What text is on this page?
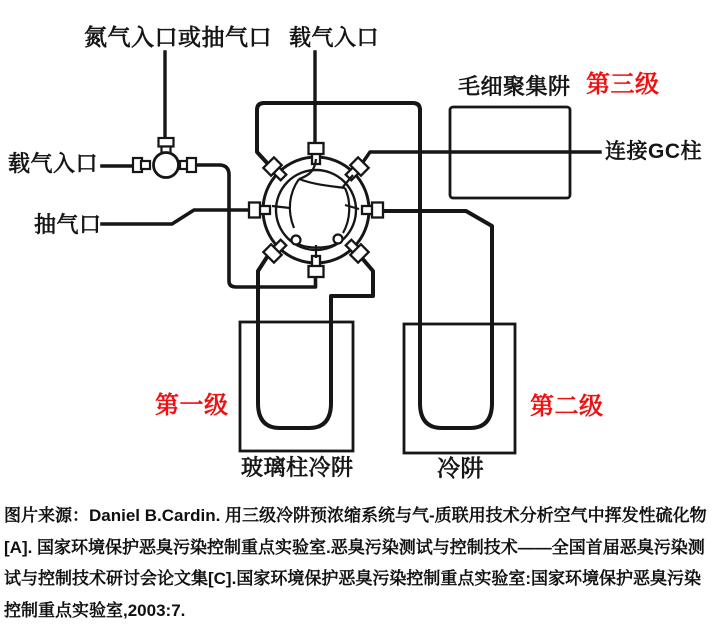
氮气入口或抽气口 载气入口
毛细聚集阱 第三级
连接GC柱
载气入口
抽气口
第一级	第二级
玻璃柱冷阱	冷阱
图片来源：Daniel B.Cardin. 用三级冷阱预浓缩系统与气-质联用技术分析空气中挥发性硫化物
[A]. 国家环境保护恶臭污染控制重点实验室.恶臭污染测试与控制技术——全国首届恶臭污染测
试与控制技术研讨会论文集[C].国家环境保护恶臭污染控制重点实验室:国家环境保护恶臭污染
控制重点实验室,2003:7.
